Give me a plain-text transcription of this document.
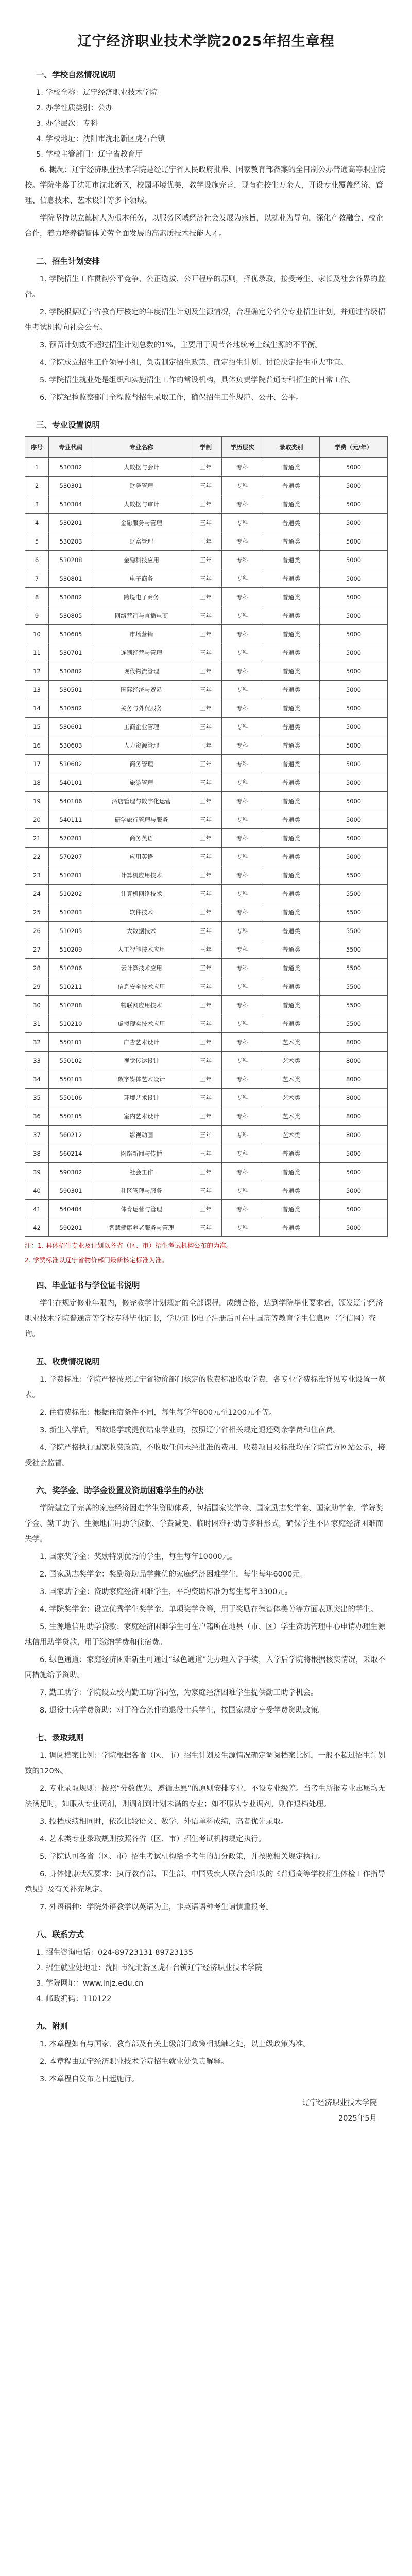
辽宁经济职业技术学院2025年招生章程
一、学校自然情况说明

1. 学校全称：辽宁经济职业技术学院

2. 办学性质类别：公办

3. 办学层次：专科

4. 学校地址：沈阳市沈北新区虎石台镇

5. 学校主管部门：辽宁省教育厅

6. 概况：辽宁经济职业技术学院是经辽宁省人民政府批准、国家教育部备案的全日制公办普通高等职业院校。学院坐落于沈阳市沈北新区，校园环境优美，教学设施完善，现有在校生万余人，开设专业覆盖经济、管理、信息技术、艺术设计等多个领域。

学院坚持以立德树人为根本任务，以服务区域经济社会发展为宗旨，以就业为导向，深化产教融合、校企合作，着力培养德智体美劳全面发展的高素质技术技能人才。

二、招生计划安排

1. 学院招生工作贯彻公平竞争、公正选拔、公开程序的原则，择优录取，接受考生、家长及社会各界的监督。

2. 学院根据辽宁省教育厅核定的年度招生计划及生源情况，合理确定分省分专业招生计划，并通过省级招生考试机构向社会公布。

3. 预留计划数不超过招生计划总数的1%，主要用于调节各地统考上线生源的不平衡。

4. 学院成立招生工作领导小组，负责制定招生政策、确定招生计划、讨论决定招生重大事宜。

5. 学院招生就业处是组织和实施招生工作的常设机构，具体负责学院普通专科招生的日常工作。

6. 学院纪检监察部门全程监督招生录取工作，确保招生工作规范、公开、公平。

三、专业设置说明
序号	专业代码	专业名称	学制	学历层次	录取类别	学费（元/年）
1	530302	大数据与会计	三年	专科	普通类	5000
2	530301	财务管理	三年	专科	普通类	5000
3	530304	大数据与审计	三年	专科	普通类	5000
4	530201	金融服务与管理	三年	专科	普通类	5000
5	530203	财富管理	三年	专科	普通类	5000
6	530208	金融科技应用	三年	专科	普通类	5000
7	530801	电子商务	三年	专科	普通类	5000
8	530802	跨境电子商务	三年	专科	普通类	5000
9	530805	网络营销与直播电商	三年	专科	普通类	5000
10	530605	市场营销	三年	专科	普通类	5000
11	530701	连锁经营与管理	三年	专科	普通类	5000
12	530802	现代物流管理	三年	专科	普通类	5000
13	530501	国际经济与贸易	三年	专科	普通类	5000
14	530502	关务与外贸服务	三年	专科	普通类	5000
15	530601	工商企业管理	三年	专科	普通类	5000
16	530603	人力资源管理	三年	专科	普通类	5000
17	530602	商务管理	三年	专科	普通类	5000
18	540101	旅游管理	三年	专科	普通类	5000
19	540106	酒店管理与数字化运营	三年	专科	普通类	5000
20	540111	研学旅行管理与服务	三年	专科	普通类	5000
21	570201	商务英语	三年	专科	普通类	5000
22	570207	应用英语	三年	专科	普通类	5000
23	510201	计算机应用技术	三年	专科	普通类	5500
24	510202	计算机网络技术	三年	专科	普通类	5500
25	510203	软件技术	三年	专科	普通类	5500
26	510205	大数据技术	三年	专科	普通类	5500
27	510209	人工智能技术应用	三年	专科	普通类	5500
28	510206	云计算技术应用	三年	专科	普通类	5500
29	510211	信息安全技术应用	三年	专科	普通类	5500
30	510208	物联网应用技术	三年	专科	普通类	5500
31	510210	虚拟现实技术应用	三年	专科	普通类	5500
32	550101	广告艺术设计	三年	专科	艺术类	8000
33	550102	视觉传达设计	三年	专科	艺术类	8000
34	550103	数字媒体艺术设计	三年	专科	艺术类	8000
35	550106	环境艺术设计	三年	专科	艺术类	8000
36	550105	室内艺术设计	三年	专科	艺术类	8000
37	560212	影视动画	三年	专科	艺术类	8000
38	560214	网络新闻与传播	三年	专科	普通类	5000
39	590302	社会工作	三年	专科	普通类	5000
40	590301	社区管理与服务	三年	专科	普通类	5000
41	540404	体育运营与管理	三年	专科	普通类	5000
42	590201	智慧健康养老服务与管理	三年	专科	普通类	5000

注：1. 具体招生专业及计划以各省（区、市）招生考试机构公布的为准。

2. 学费标准以辽宁省物价部门最新核定标准为准。

四、毕业证书与学位证书说明

学生在规定修业年限内，修完教学计划规定的全部课程，成绩合格，达到学院毕业要求者，颁发辽宁经济职业技术学院普通高等学校专科毕业证书，学历证书电子注册后可在中国高等教育学生信息网（学信网）查询。

五、收费情况说明

1. 学费标准：学院严格按照辽宁省物价部门核定的收费标准收取学费，各专业学费标准详见专业设置一览表。

2. 住宿费标准：根据住宿条件不同，每生每学年800元至1200元不等。

3. 新生入学后，因故退学或提前结束学业的，按照辽宁省相关规定退还剩余学费和住宿费。

4. 学院严格执行国家收费政策，不收取任何未经批准的费用，收费项目及标准均在学院官方网站公示，接受社会监督。

六、奖学金、助学金设置及资助困难学生的办法

学院建立了完善的家庭经济困难学生资助体系，包括国家奖学金、国家励志奖学金、国家助学金、学院奖学金、勤工助学、生源地信用助学贷款、学费减免、临时困难补助等多种形式，确保学生不因家庭经济困难而失学。

1. 国家奖学金：奖励特别优秀的学生，每生每年10000元。

2. 国家励志奖学金：奖励资助品学兼优的家庭经济困难学生，每生每年6000元。

3. 国家助学金：资助家庭经济困难学生，平均资助标准为每生每年3300元。

4. 学院奖学金：设立优秀学生奖学金、单项奖学金等，用于奖励在德智体美劳等方面表现突出的学生。

5. 生源地信用助学贷款：家庭经济困难学生可在户籍所在地县（市、区）学生资助管理中心申请办理生源地信用助学贷款，用于缴纳学费和住宿费。

6. 绿色通道：家庭经济困难新生可通过“绿色通道”先办理入学手续，入学后学院将根据核实情况，采取不同措施给予资助。

7. 勤工助学：学院设立校内勤工助学岗位，为家庭经济困难学生提供勤工助学机会。

8. 退役士兵学费资助：对于符合条件的退役士兵学生，按国家规定享受学费资助政策。

七、录取规则

1. 调阅档案比例：学院根据各省（区、市）招生计划及生源情况确定调阅档案比例，一般不超过招生计划数的120%。

2. 专业录取规则：按照“分数优先、遵循志愿”的原则安排专业，不设专业级差。当考生所报专业志愿均无法满足时，如服从专业调剂，则调剂到计划未满的专业；如不服从专业调剂，则作退档处理。

3. 投档成绩相同时，依次比较语文、数学、外语单科成绩，高者优先录取。

4. 艺术类专业录取规则按照各省（区、市）招生考试机构规定执行。

5. 学院认可各省（区、市）招生考试机构给予考生的加分政策，并按照相关规定执行。

6. 身体健康状况要求：执行教育部、卫生部、中国残疾人联合会印发的《普通高等学校招生体检工作指导意见》及有关补充规定。

7. 外语语种：学院外语教学以英语为主，非英语语种考生请慎重报考。

八、联系方式

1. 招生咨询电话：024-89723131 89723135

2. 招生就业处地址：沈阳市沈北新区虎石台镇辽宁经济职业技术学院

3. 学院网址：www.lnjz.edu.cn

4. 邮政编码：110122

九、附则

1. 本章程如有与国家、教育部及有关上级部门政策相抵触之处，以上级政策为准。

2. 本章程由辽宁经济职业技术学院招生就业处负责解释。

3. 本章程自发布之日起施行。

辽宁经济职业技术学院

2025年5月
